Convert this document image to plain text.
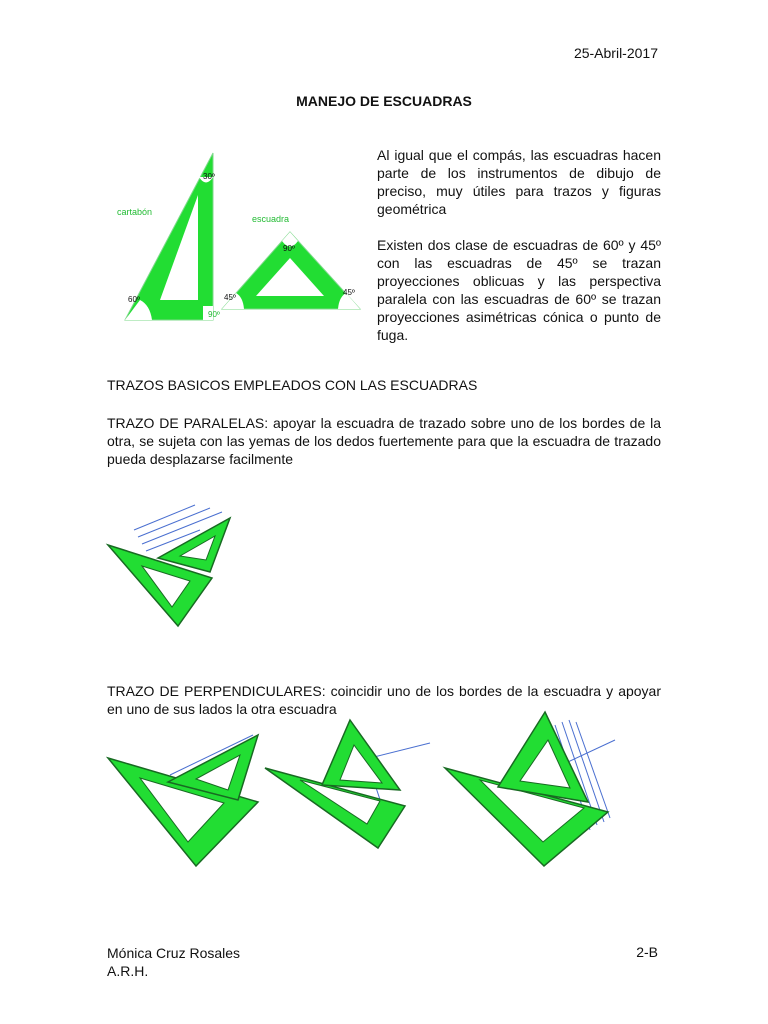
25-Abril-2017
MANEJO DE ESCUADRAS
cartabón
30º
60º
90º
escuadra
90º
45º
45º
Al igual que el compás, las escuadras hacen parte de los instrumentos de dibujo de preciso, muy útiles para trazos y figuras geométrica
Existen dos clase de escuadras de 60º y 45º con las escuadras de 45º se trazan proyecciones oblicuas y las perspectiva paralela con las escuadras de 60º se trazan proyecciones asimétricas cónica o punto de fuga.
TRAZOS BASICOS EMPLEADOS CON LAS ESCUADRAS
TRAZO DE PARALELAS: apoyar la escuadra de trazado sobre uno de los bordes de la otra, se sujeta con las yemas de los dedos fuertemente para que la escuadra de trazado pueda desplazarse facilmente
TRAZO DE PERPENDICULARES: coincidir uno de los bordes de la escuadra y apoyar en uno de sus lados la otra escuadra
Mónica Cruz Rosales
A.R.H.
2-B
